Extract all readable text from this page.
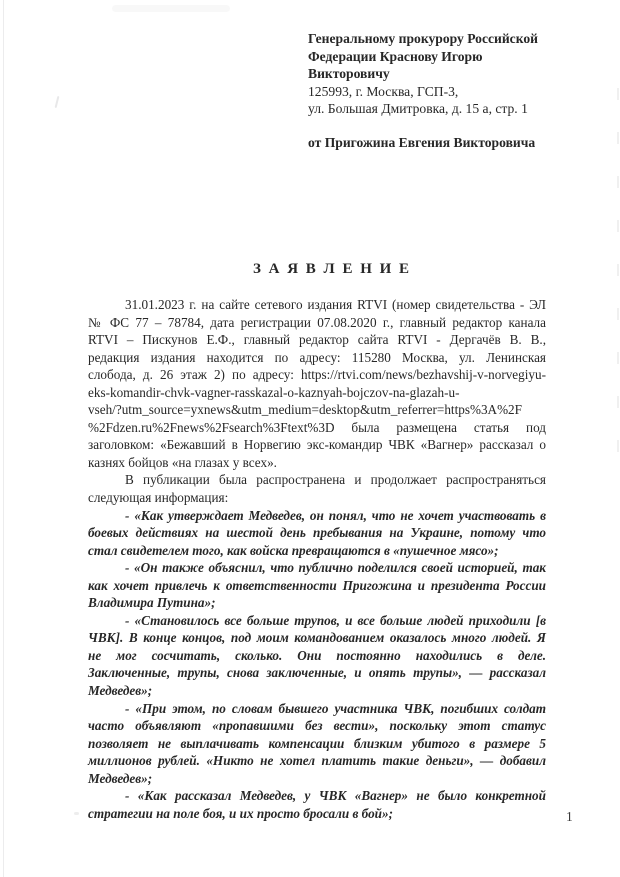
Генеральному прокурору Российской
Федерации Краснову Игорю
Викторовичу
125993, г. Москва, ГСП-3,
ул. Большая Дмитровка, д. 15 а, стр. 1
от Пригожина Евгения Викторовича
З А Я В Л Е Н И Е
31.01.2023 г. на сайте сетевого издания RTVI (номер свидетельства - ЭЛ
№ ФС 77 – 78784, дата регистрации 07.08.2020 г., главный редактор канала
RTVI – Пискунов Е.Ф., главный редактор сайта RTVI - Дергачёв В. В.,
редакция издания находится по адресу: 115280 Москва, ул. Ленинская
слобода, д. 26 этаж 2) по адресу: https://rtvi.com/news/bezhavshij-v-norvegiyu-
eks-komandir-chvk-vagner-rasskazal-o-kaznyah-bojczov-na-glazah-u-
vseh/?utm_source=yxnews&utm_medium=desktop&utm_referrer=https%3A%2F
%2Fdzen.ru%2Fnews%2Fsearch%3Ftext%3D была размещена статья под
заголовком: «Бежавший в Норвегию экс-командир ЧВК «Вагнер» рассказал о
казнях бойцов «на глазах у всех».
В публикации была распространена и продолжает распространяться
следующая информация:
- «Как утверждает Медведев, он понял, что не хочет участвовать в
боевых действиях на шестой день пребывания на Украине, потому что
стал свидетелем того, как войска превращаются в «пушечное мясо»;
- «Он также объяснил, что публично поделился своей историей, так
как хочет привлечь к ответственности Пригожина и президента России
Владимира Путина»;
- «Становилось все больше трупов, и все больше людей приходили [в
ЧВК]. В конце концов, под моим командованием оказалось много людей. Я
не мог сосчитать, сколько. Они постоянно находились в деле.
Заключенные, трупы, снова заключенные, и опять трупы», — рассказал
Медведев»;
- «При этом, по словам бывшего участника ЧВК, погибших солдат
часто объявляют «пропавшими без вести», поскольку этот статус
позволяет не выплачивать компенсации близким убитого в размере 5
миллионов рублей. «Никто не хотел платить такие деньги», — добавил
Медведев»;
- «Как рассказал Медведев, у ЧВК «Вагнер» не было конкретной
стратегии на поле боя, и их просто бросали в бой»;	1
